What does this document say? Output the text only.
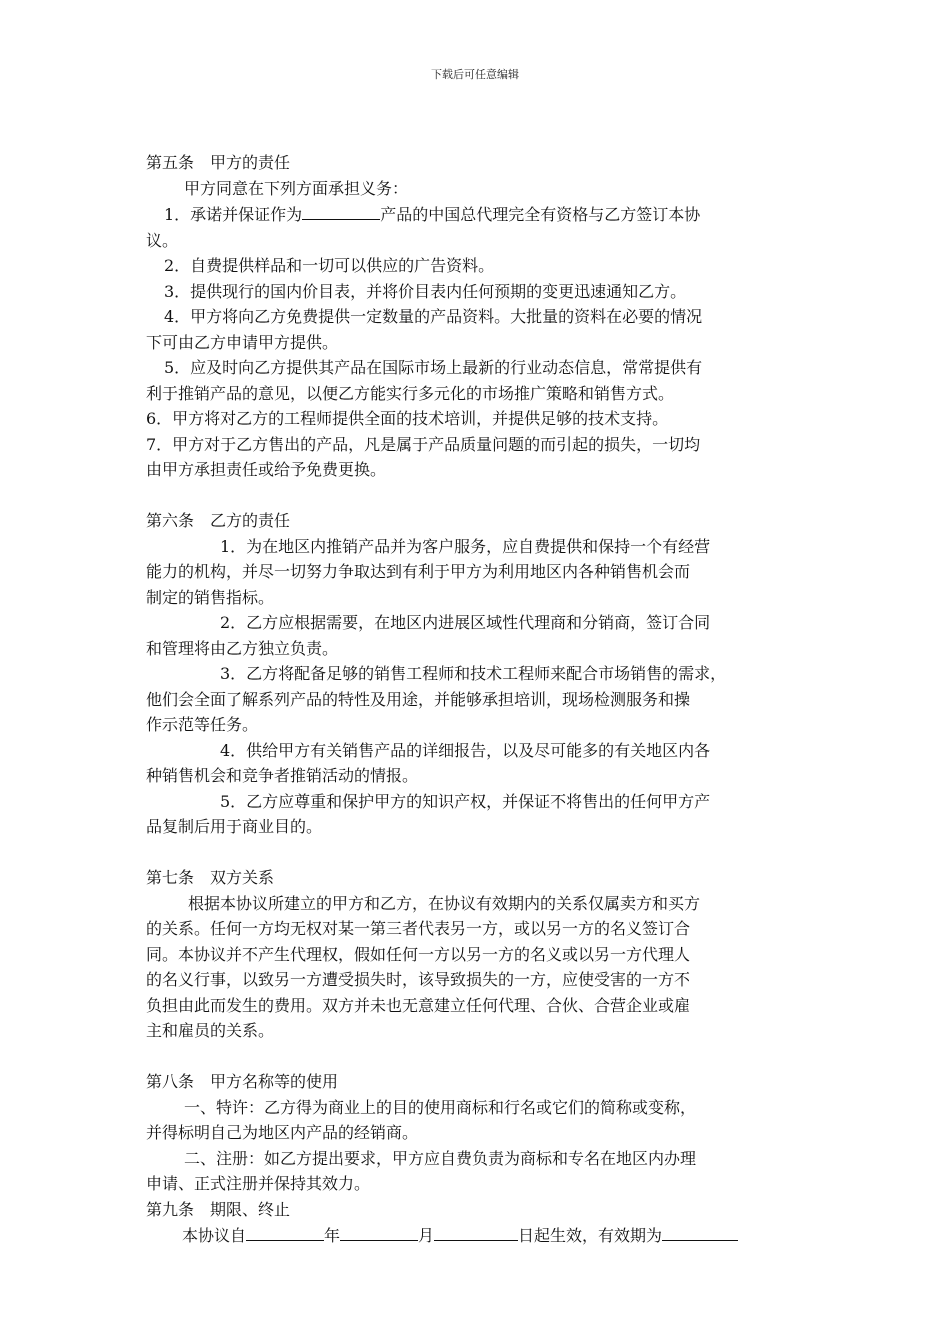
下载后可任意编辑
第五条　甲方的责任
甲方同意在下列方面承担义务：
1．承诺并保证作为	产品的中国总代理完全有资格与乙方签订本协
议。
2．自费提供样品和一切可以供应的广告资料。
3．提供现行的国内价目表，并将价目表内任何预期的变更迅速通知乙方。
4．甲方将向乙方免费提供一定数量的产品资料。大批量的资料在必要的情况
下可由乙方申请甲方提供。
5．应及时向乙方提供其产品在国际市场上最新的行业动态信息，常常提供有
利于推销产品的意见，以便乙方能实行多元化的市场推广策略和销售方式。
6．甲方将对乙方的工程师提供全面的技术培训，并提供足够的技术支持。
7．甲方对于乙方售出的产品，凡是属于产品质量问题的而引起的损失，一切均
由甲方承担责任或给予免费更换。
第六条　乙方的责任
1．为在地区内推销产品并为客户服务，应自费提供和保持一个有经营
能力的机构，并尽一切努力争取达到有利于甲方为利用地区内各种销售机会而
制定的销售指标。
2．乙方应根据需要，在地区内进展区域性代理商和分销商，签订合同
和管理将由乙方独立负责。
3．乙方将配备足够的销售工程师和技术工程师来配合市场销售的需求，
他们会全面了解系列产品的特性及用途，并能够承担培训，现场检测服务和操
作示范等任务。
4．供给甲方有关销售产品的详细报告，以及尽可能多的有关地区内各
种销售机会和竞争者推销活动的情报。
5．乙方应尊重和保护甲方的知识产权，并保证不将售出的任何甲方产
品复制后用于商业目的。
第七条　双方关系
根据本协议所建立的甲方和乙方，在协议有效期内的关系仅属卖方和买方
的关系。任何一方均无权对某一第三者代表另一方，或以另一方的名义签订合
同。本协议并不产生代理权，假如任何一方以另一方的名义或以另一方代理人
的名义行事，以致另一方遭受损失时，该导致损失的一方，应使受害的一方不
负担由此而发生的费用。双方并未也无意建立任何代理、合伙、合营企业或雇
主和雇员的关系。
第八条　甲方名称等的使用
一、特许：乙方得为商业上的目的使用商标和行名或它们的简称或变称，
并得标明自己为地区内产品的经销商。
二、注册：如乙方提出要求，甲方应自费负责为商标和专名在地区内办理
申请、正式注册并保持其效力。
第九条　期限、终止
本协议自	年	月	日起生效，有效期为
